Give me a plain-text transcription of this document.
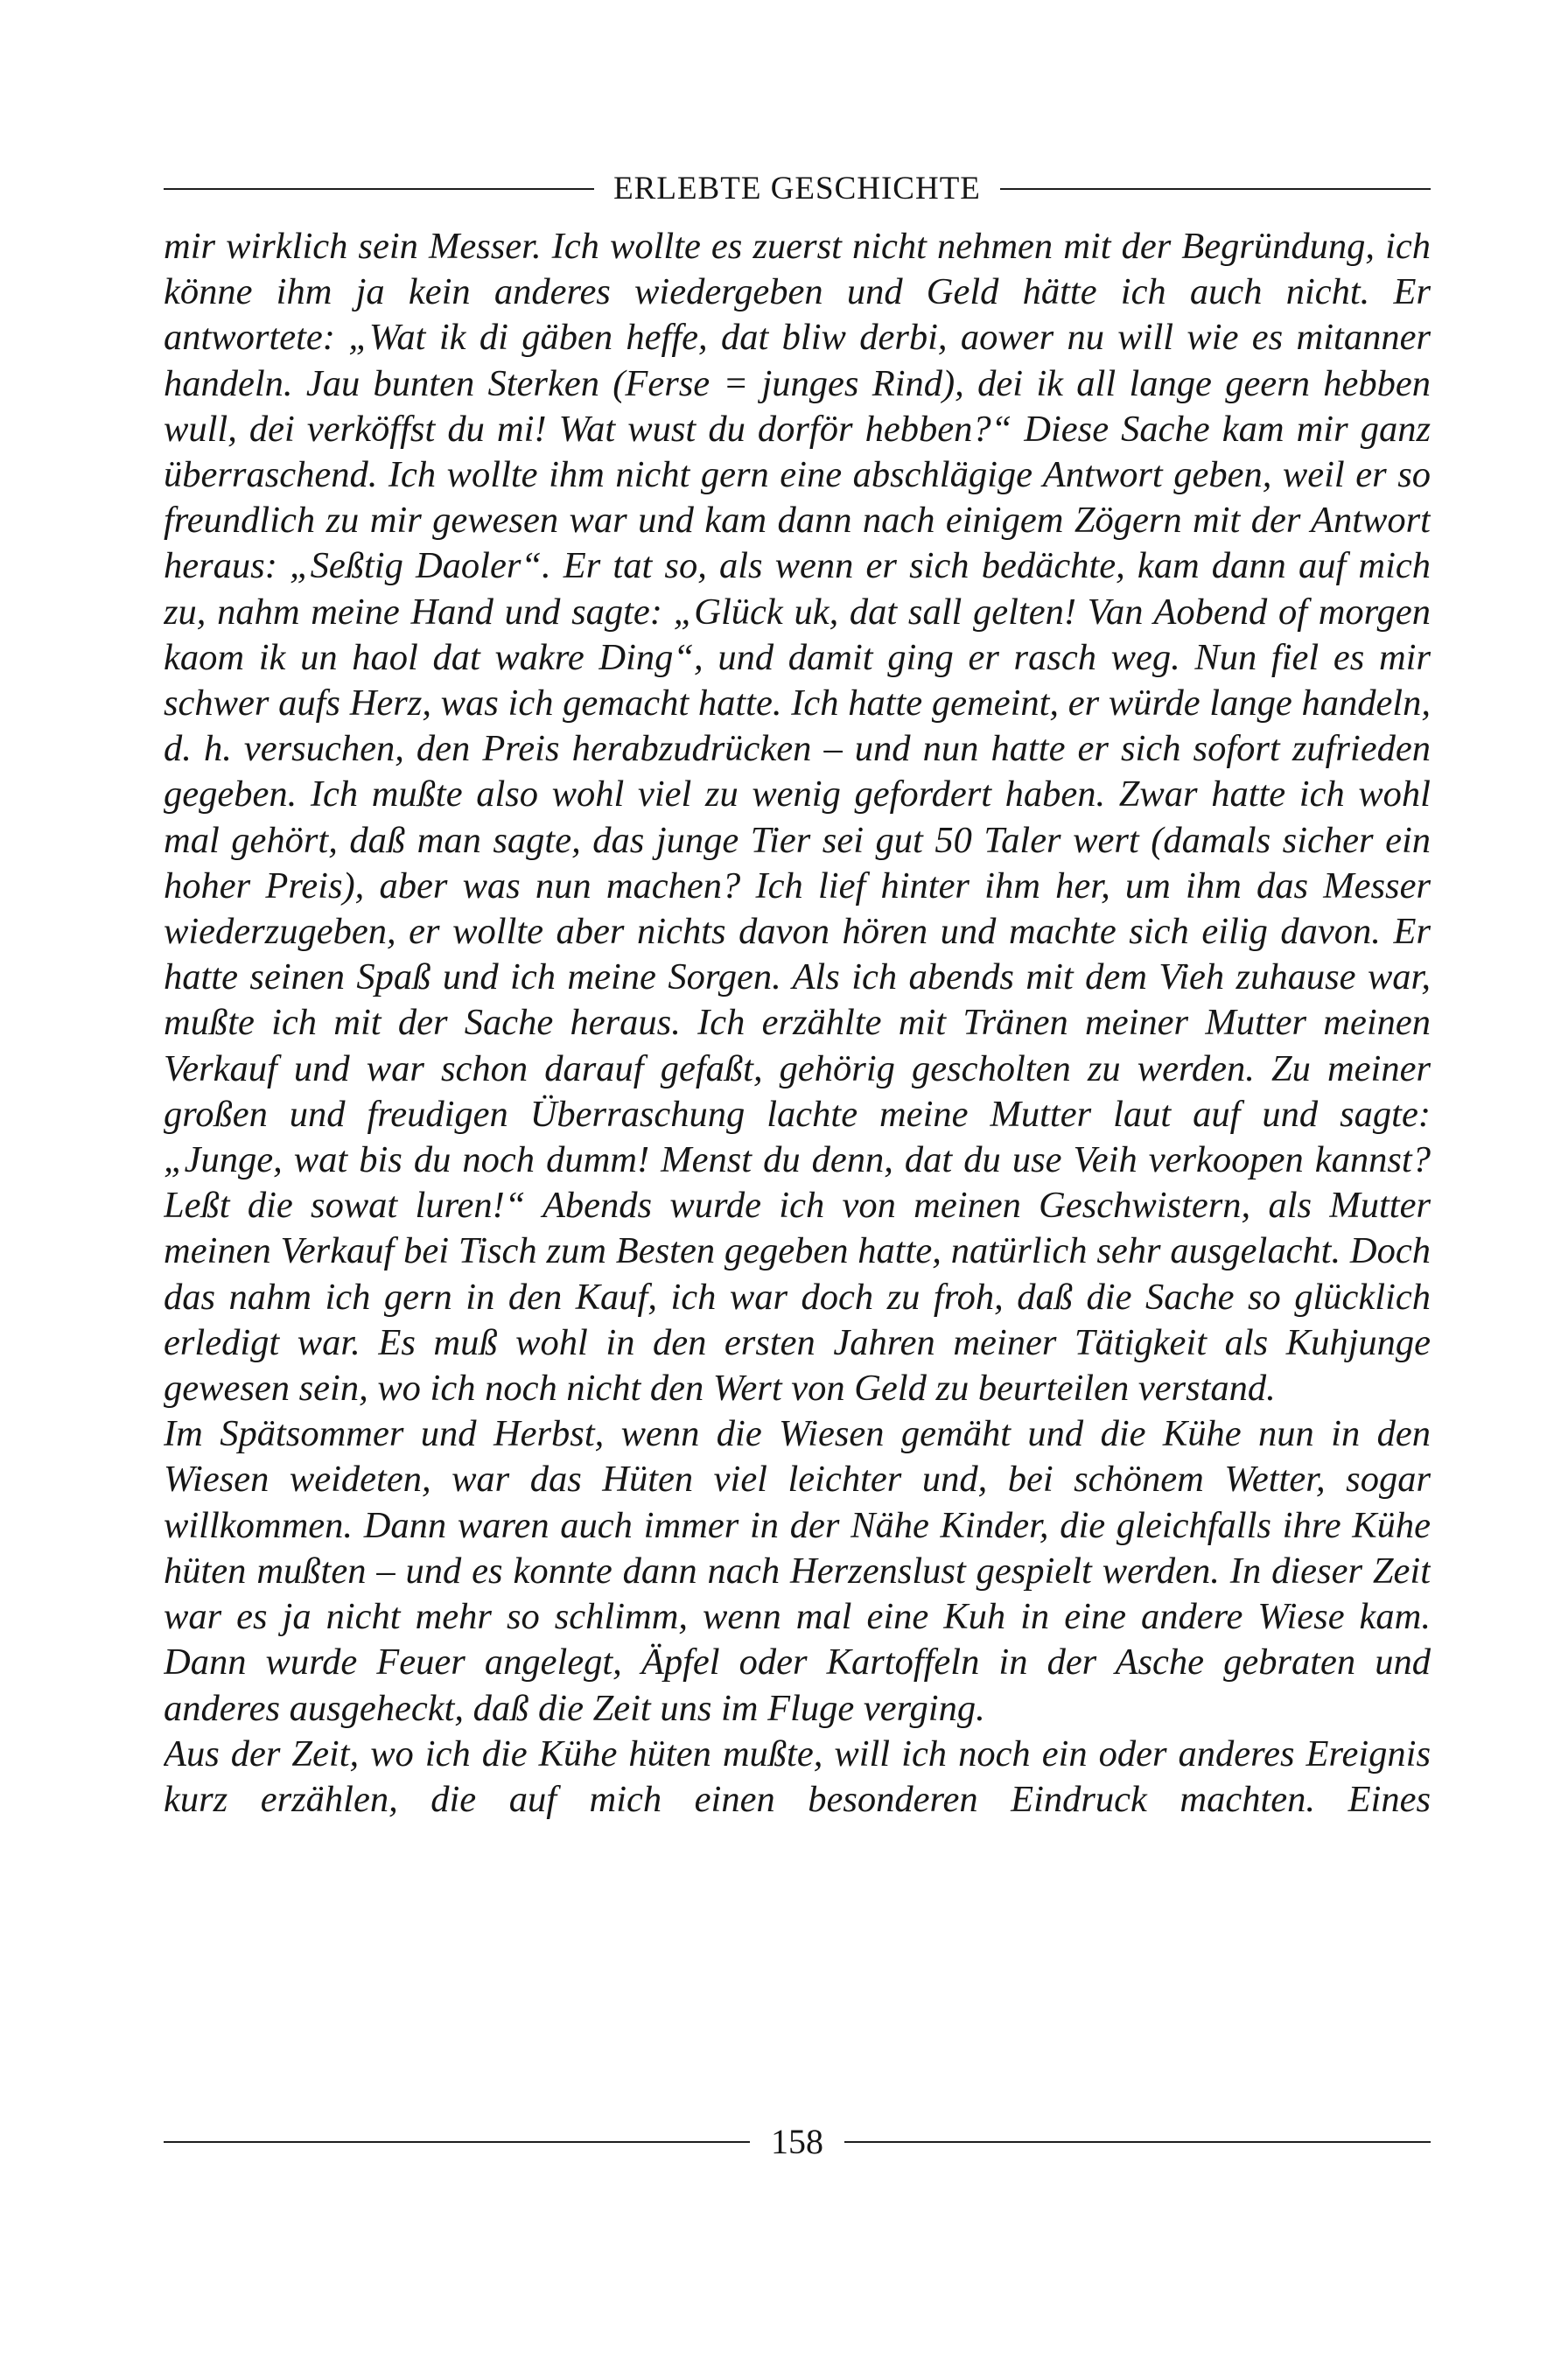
ERLEBTE GESCHICHTE

mir wirklich sein Messer. Ich wollte es zuerst nicht nehmen mit der Begründung, ich könne ihm ja kein anderes wiedergeben und Geld hätte ich auch nicht. Er antwortete: „Wat ik di gäben heffe, dat bliw derbi, aower nu will wie es mitanner handeln. Jau bunten Sterken (Ferse = junges Rind), dei ik all lange geern hebben wull, dei verköffst du mi! Wat wust du dorför hebben?“ Diese Sache kam mir ganz überraschend. Ich wollte ihm nicht gern eine abschlägige Antwort geben, weil er so freundlich zu mir gewesen war und kam dann nach einigem Zögern mit der Antwort heraus: „Seßtig Daoler“. Er tat so, als wenn er sich bedächte, kam dann auf mich zu, nahm meine Hand und sagte: „Glück uk, dat sall gelten! Van Aobend of morgen kaom ik un haol dat wakre Ding“, und damit ging er rasch weg. Nun fiel es mir schwer aufs Herz, was ich gemacht hatte. Ich hatte gemeint, er würde lange handeln, d. h. versuchen, den Preis herabzudrücken – und nun hatte er sich sofort zufrieden gegeben. Ich mußte also wohl viel zu wenig gefordert haben. Zwar hatte ich wohl mal gehört, daß man sagte, das junge Tier sei gut 50 Taler wert (damals sicher ein hoher Preis), aber was nun machen? Ich lief hinter ihm her, um ihm das Messer wiederzugeben, er wollte aber nichts davon hören und machte sich eilig davon. Er hatte seinen Spaß und ich meine Sorgen. Als ich abends mit dem Vieh zuhause war, mußte ich mit der Sache heraus. Ich erzählte mit Tränen meiner Mutter meinen Verkauf und war schon darauf gefaßt, gehörig gescholten zu werden. Zu meiner großen und freudigen Überraschung lachte meine Mutter laut auf und sagte: „Junge, wat bis du noch dumm! Menst du denn, dat du use Veih verkoopen kannst? Leßt die sowat luren!“ Abends wurde ich von meinen Geschwistern, als Mutter meinen Verkauf bei Tisch zum Besten gegeben hatte, natürlich sehr ausgelacht. Doch das nahm ich gern in den Kauf, ich war doch zu froh, daß die Sache so glücklich erledigt war. Es muß wohl in den ersten Jahren meiner Tätigkeit als Kuhjunge gewesen sein, wo ich noch nicht den Wert von Geld zu beurteilen verstand.

Im Spätsommer und Herbst, wenn die Wiesen gemäht und die Kühe nun in den Wiesen weideten, war das Hüten viel leichter und, bei schönem Wetter, sogar willkommen. Dann waren auch immer in der Nähe Kinder, die gleichfalls ihre Kühe hüten mußten – und es konnte dann nach Herzenslust gespielt werden. In dieser Zeit war es ja nicht mehr so schlimm, wenn mal eine Kuh in eine andere Wiese kam. Dann wurde Feuer angelegt, Äpfel oder Kartoffeln in der Asche gebraten und anderes ausgeheckt, daß die Zeit uns im Fluge verging.

Aus der Zeit, wo ich die Kühe hüten mußte, will ich noch ein oder anderes Ereignis kurz erzählen, die auf mich einen besonderen Eindruck machten. Eines

158
